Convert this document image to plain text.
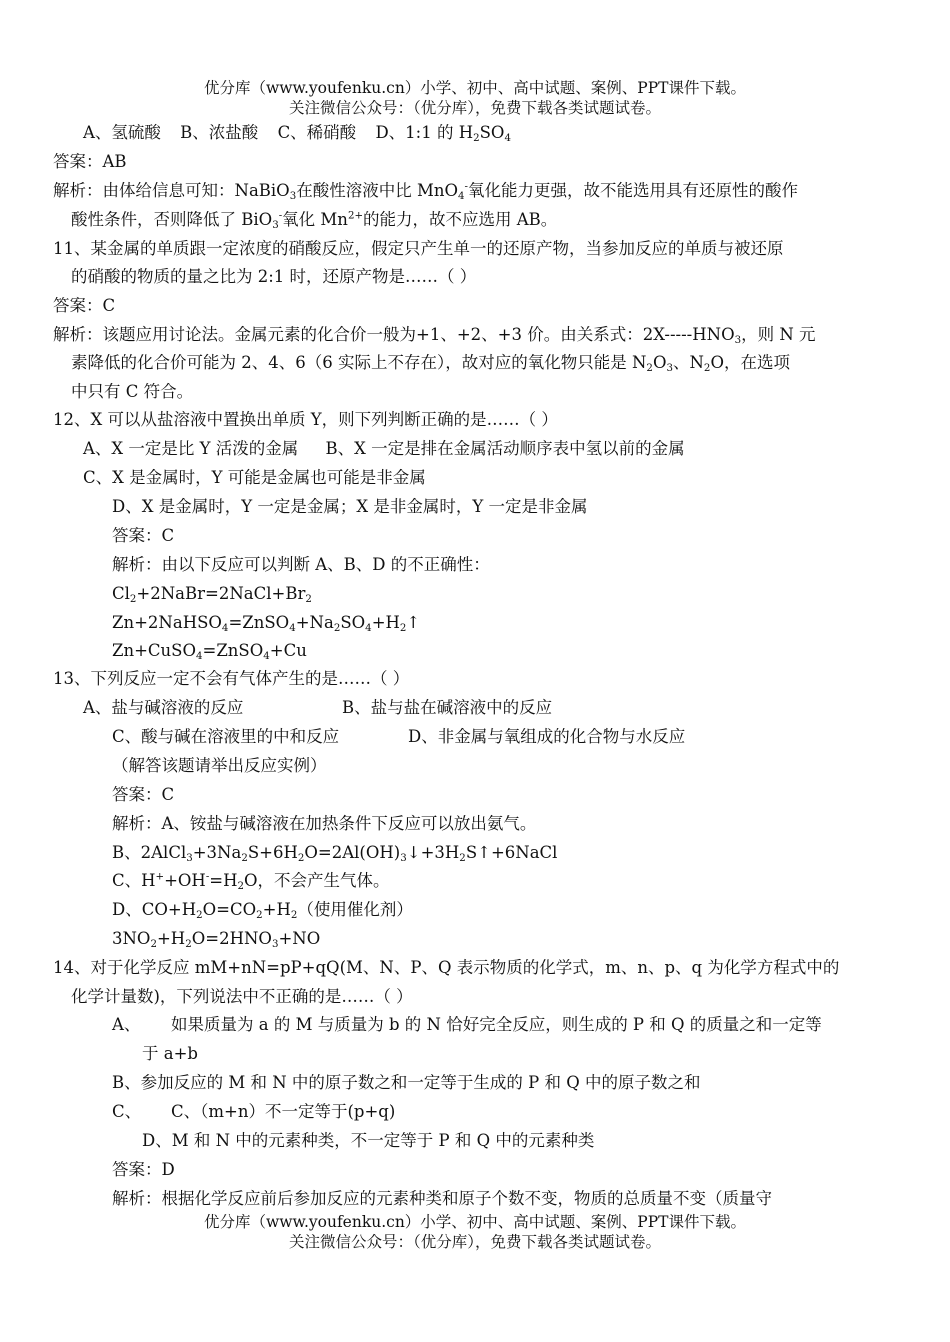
优分库（www.youfenku.cn）小学、初中、高中试题、案例、PPT课件下载。
关注微信公众号：（优分库），免费下载各类试题试卷。
A、氢硫酸 B、浓盐酸 C、稀硝酸 D、1:1 的 $H_2SO_4$
答案：AB
解析：由体给信息可知：NaBiO$_3$在酸性溶液中比 MnO$_4$-氧化能力更强，故不能选用具有还原性的酸作
酸性条件，否则降低了 BiO$_3$-氧化 $Mn^{2+}$的能力，故不应选用 AB。
11、某金属的单质跟一定浓度的硝酸反应，假定只产生单一的还原产物，当参加反应的单质与被还原
的硝酸的物质的量之比为 2:1 时，还原产物是……（ ）
答案：C
解析：该题应用讨论法。金属元素的化合价一般为+1、+2、+3 价。由关系式：$2X-----HNO_3$，则 N 元
素降低的化合价可能为 2、4、6（6 实际上不存在），故对应的氧化物只能是 $N_2O_3$、$N_2O$，在选项
中只有 C 符合。
12、X 可以从盐溶液中置换出单质 Y，则下列判断正确的是……（ ）
A、X 一定是比 Y 活泼的金属 B、X 一定是排在金属活动顺序表中氢以前的金属
C、X 是金属时，Y 可能是金属也可能是非金属
D、X 是金属时，Y 一定是金属；X 是非金属时，Y 一定是非金属
答案：C
解析：由以下反应可以判断 A、B、D 的不正确性：
$Cl_2+2NaBr=2NaCl+Br_2$
$Zn+2NaHSO_4=ZnSO_4+Na_2SO_4+H_2↑$
Zn+CuSO$_4$=ZnSO$_4$+Cu
13、下列反应一定不会有气体产生的是……（ ）
A、盐与碱溶液的反应	B、盐与盐在碱溶液中的反应
C、酸与碱在溶液里的中和反应	D、非金属与氧组成的化合物与水反应
（解答该题请举出反应实例）
答案：C
解析：A、铵盐与碱溶液在加热条件下反应可以放出氨气。
B、$2AlCl_3+3Na_2S+6H_2O=2Al(OH)_3↓+3H_2S↑+6NaCl$
C、$H^++OH^-=H_2O$，不会产生气体。
D、$CO+H_2O=CO_2+H_2$（使用催化剂）
$3NO_2+H_2O=2HNO_3+NO$
14、对于化学反应 mM+nN=pP+qQ(M、N、P、Q 表示物质的化学式，m、n、p、q 为化学方程式中的
化学计量数)，下列说法中不正确的是……（ ）
A、 如果质量为 a 的 M 与质量为 b 的 N 恰好完全反应，则生成的 P 和 Q 的质量之和一定等
于 a+b
B、参加反应的 M 和 N 中的原子数之和一定等于生成的 P 和 Q 中的原子数之和
C、 C、（m+n）不一定等于(p+q)
D、M 和 N 中的元素种类，不一定等于 P 和 Q 中的元素种类
答案：D
解析：根据化学反应前后参加反应的元素种类和原子个数不变，物质的总质量不变（质量守
优分库（www.youfenku.cn）小学、初中、高中试题、案例、PPT课件下载。
关注微信公众号：（优分库），免费下载各类试题试卷。
